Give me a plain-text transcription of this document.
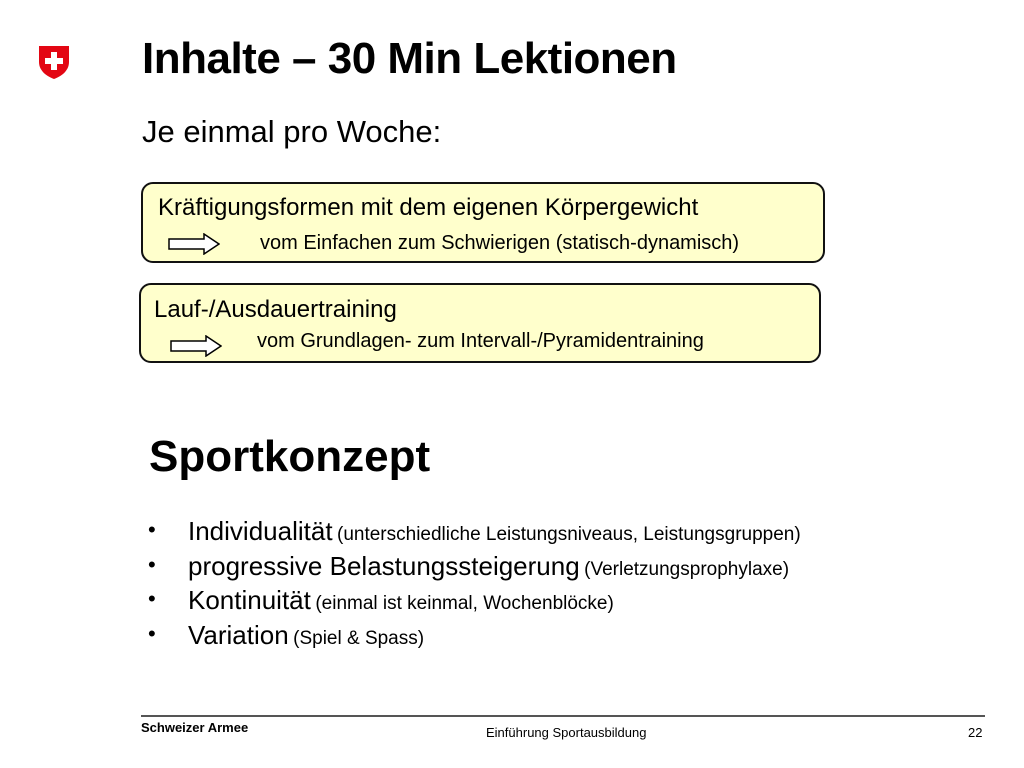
Inhalte – 30 Min Lektionen
Je einmal pro Woche:
Kräftigungsformen mit dem eigenen Körpergewicht
vom Einfachen zum Schwierigen (statisch-dynamisch)
Lauf-/Ausdauertraining
vom Grundlagen- zum Intervall-/Pyramidentraining
Sportkonzept
• Individualität (unterschiedliche Leistungsniveaus, Leistungsgruppen)
• progressive Belastungssteigerung (Verletzungsprophylaxe)
• Kontinuität (einmal ist keinmal, Wochenblöcke)
• Variation (Spiel & Spass)
Schweizer Armee	Einführung Sportausbildung	22
